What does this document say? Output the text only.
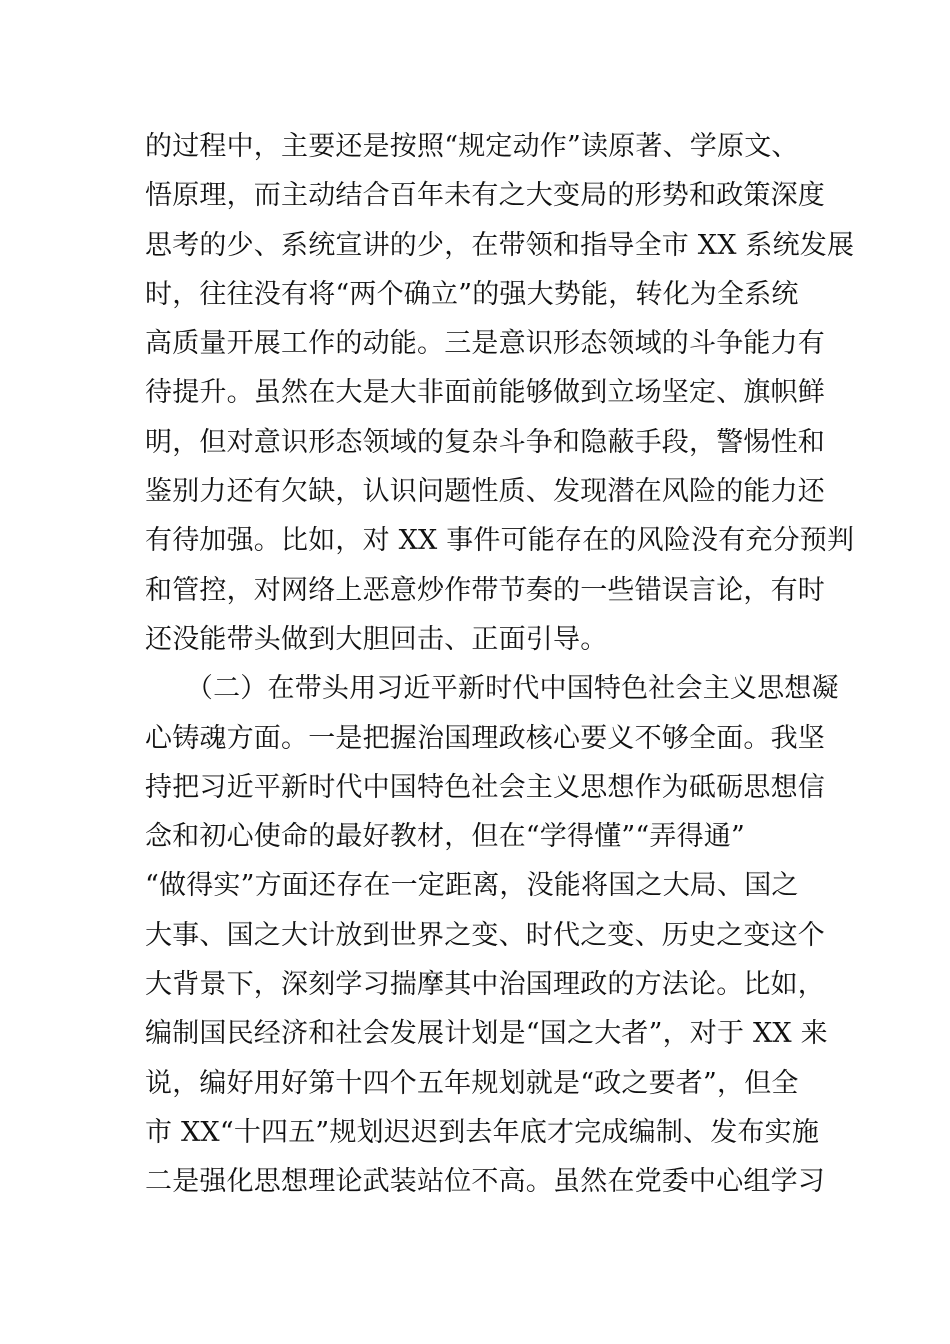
的过程中，主要还是按照“规定动作”读原著、学原文、
悟原理，而主动结合百年未有之大变局的形势和政策深度
思考的少、系统宣讲的少，在带领和指导全市 XX 系统发展
时，往往没有将“两个确立”的强大势能，转化为全系统
高质量开展工作的动能。三是意识形态领域的斗争能力有
待提升。虽然在大是大非面前能够做到立场坚定、旗帜鲜
明，但对意识形态领域的复杂斗争和隐蔽手段，警惕性和
鉴别力还有欠缺，认识问题性质、发现潜在风险的能力还
有待加强。比如，对 XX 事件可能存在的风险没有充分预判
和管控，对网络上恶意炒作带节奏的一些错误言论，有时
还没能带头做到大胆回击、正面引导。
　　（二）在带头用习近平新时代中国特色社会主义思想凝
心铸魂方面。一是把握治国理政核心要义不够全面。我坚
持把习近平新时代中国特色社会主义思想作为砥砺思想信
念和初心使命的最好教材，但在“学得懂”“弄得通”
“做得实”方面还存在一定距离，没能将国之大局、国之
大事、国之大计放到世界之变、时代之变、历史之变这个
大背景下，深刻学习揣摩其中治国理政的方法论。比如，
编制国民经济和社会发展计划是“国之大者”，对于 XX 来
说，编好用好第十四个五年规划就是“政之要者”，但全
市 XX“十四五”规划迟迟到去年底才完成编制、发布实施
二是强化思想理论武装站位不高。虽然在党委中心组学习
